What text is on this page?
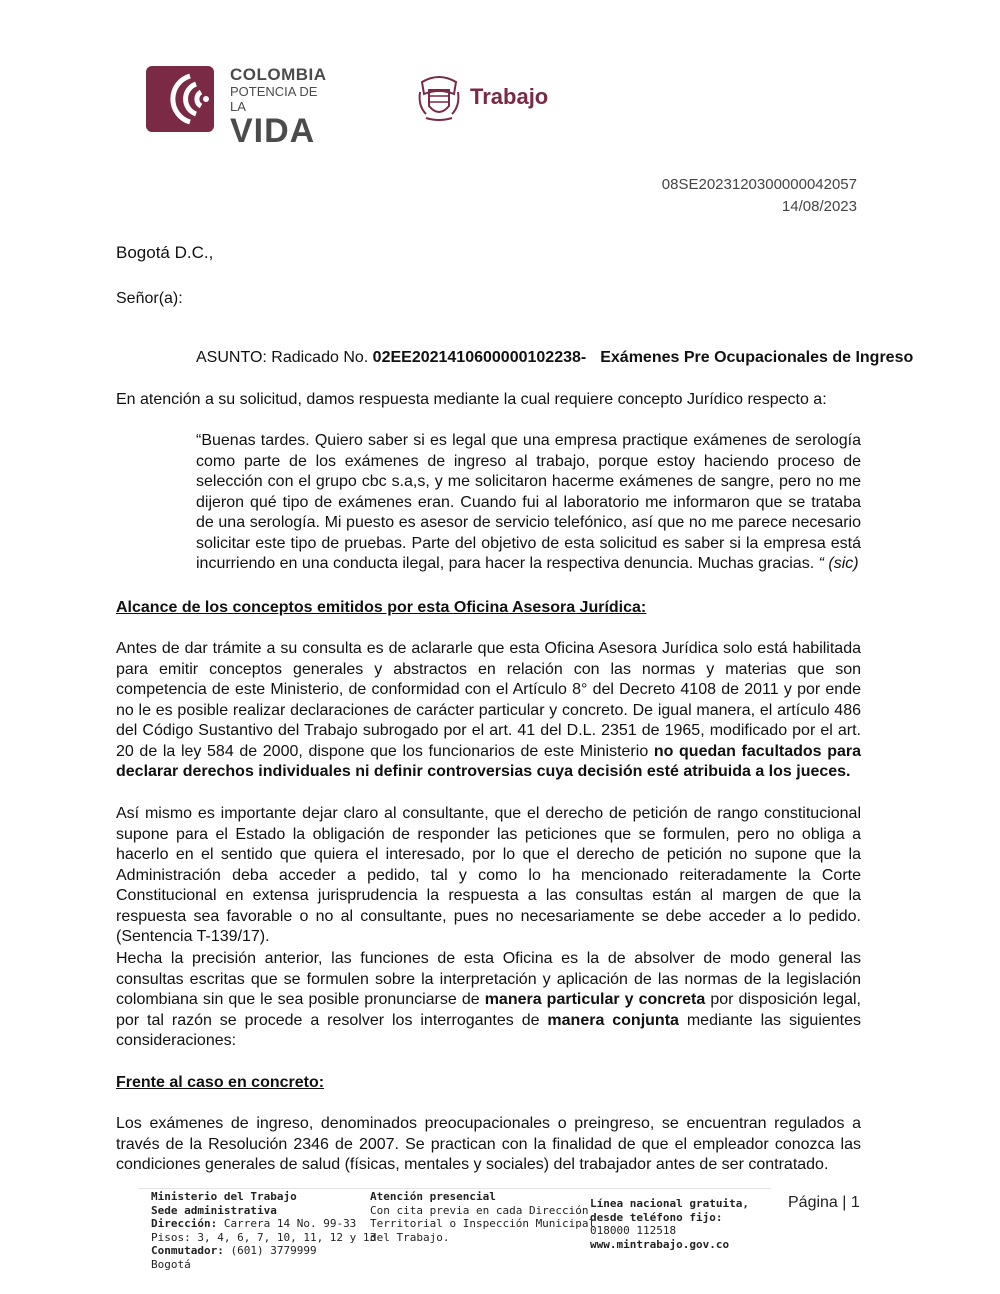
COLOMBIA
POTENCIA DE LA
VIDA
Trabajo
08SE2023120300000042057
14/08/2023
Bogotá D.C.,
Señor(a):
ASUNTO: Radicado No. 02EE2021410600000102238- Exámenes Pre Ocupacionales de Ingreso
En atención a su solicitud, damos respuesta mediante la cual requiere concepto Jurídico respecto a:
“Buenas tardes. Quiero saber si es legal que una empresa practique exámenes de serología como parte de los exámenes de ingreso al trabajo, porque estoy haciendo proceso de selección con el grupo cbc s.a,s, y me solicitaron hacerme exámenes de sangre, pero no me dijeron qué tipo de exámenes eran. Cuando fui al laboratorio me informaron que se trataba de una serología. Mi puesto es asesor de servicio telefónico, así que no me parece necesario solicitar este tipo de pruebas. Parte del objetivo de esta solicitud es saber si la empresa está incurriendo en una conducta ilegal, para hacer la respectiva denuncia. Muchas gracias. “ (sic)
Alcance de los conceptos emitidos por esta Oficina Asesora Jurídica:
Antes de dar trámite a su consulta es de aclararle que esta Oficina Asesora Jurídica solo está habilitada para emitir conceptos generales y abstractos en relación con las normas y materias que son competencia de este Ministerio, de conformidad con el Artículo 8° del Decreto 4108 de 2011 y por ende no le es posible realizar declaraciones de carácter particular y concreto. De igual manera, el artículo 486 del Código Sustantivo del Trabajo subrogado por el art. 41 del D.L. 2351 de 1965, modificado por el art. 20 de la ley 584 de 2000, dispone que los funcionarios de este Ministerio no quedan facultados para declarar derechos individuales ni definir controversias cuya decisión esté atribuida a los jueces.
Así mismo es importante dejar claro al consultante, que el derecho de petición de rango constitucional supone para el Estado la obligación de responder las peticiones que se formulen, pero no obliga a hacerlo en el sentido que quiera el interesado, por lo que el derecho de petición no supone que la Administración deba acceder a pedido, tal y como lo ha mencionado reiteradamente la Corte Constitucional en extensa jurisprudencia la respuesta a las consultas están al margen de que la respuesta sea favorable o no al consultante, pues no necesariamente se debe acceder a lo pedido. (Sentencia T-139/17).
Hecha la precisión anterior, las funciones de esta Oficina es la de absolver de modo general las consultas escritas que se formulen sobre la interpretación y aplicación de las normas de la legislación colombiana sin que le sea posible pronunciarse de manera particular y concreta por disposición legal, por tal razón se procede a resolver los interrogantes de manera conjunta mediante las siguientes consideraciones:
Frente al caso en concreto:
Los exámenes de ingreso, denominados preocupacionales o preingreso, se encuentran regulados a través de la Resolución 2346 de 2007. Se practican con la finalidad de que el empleador conozca las condiciones generales de salud (físicas, mentales y sociales) del trabajador antes de ser contratado.
Ministerio del Trabajo
Sede administrativa
Dirección: Carrera 14 No. 99-33
Pisos: 3, 4, 6, 7, 10, 11, 12 y 13
Conmutador: (601) 3779999
Bogotá
Atención presencial
Con cita previa en cada Dirección
Territorial o Inspección Municipal
del Trabajo.
Línea nacional gratuita,
desde teléfono fijo:
018000 112518
www.mintrabajo.gov.co
Página | 1
